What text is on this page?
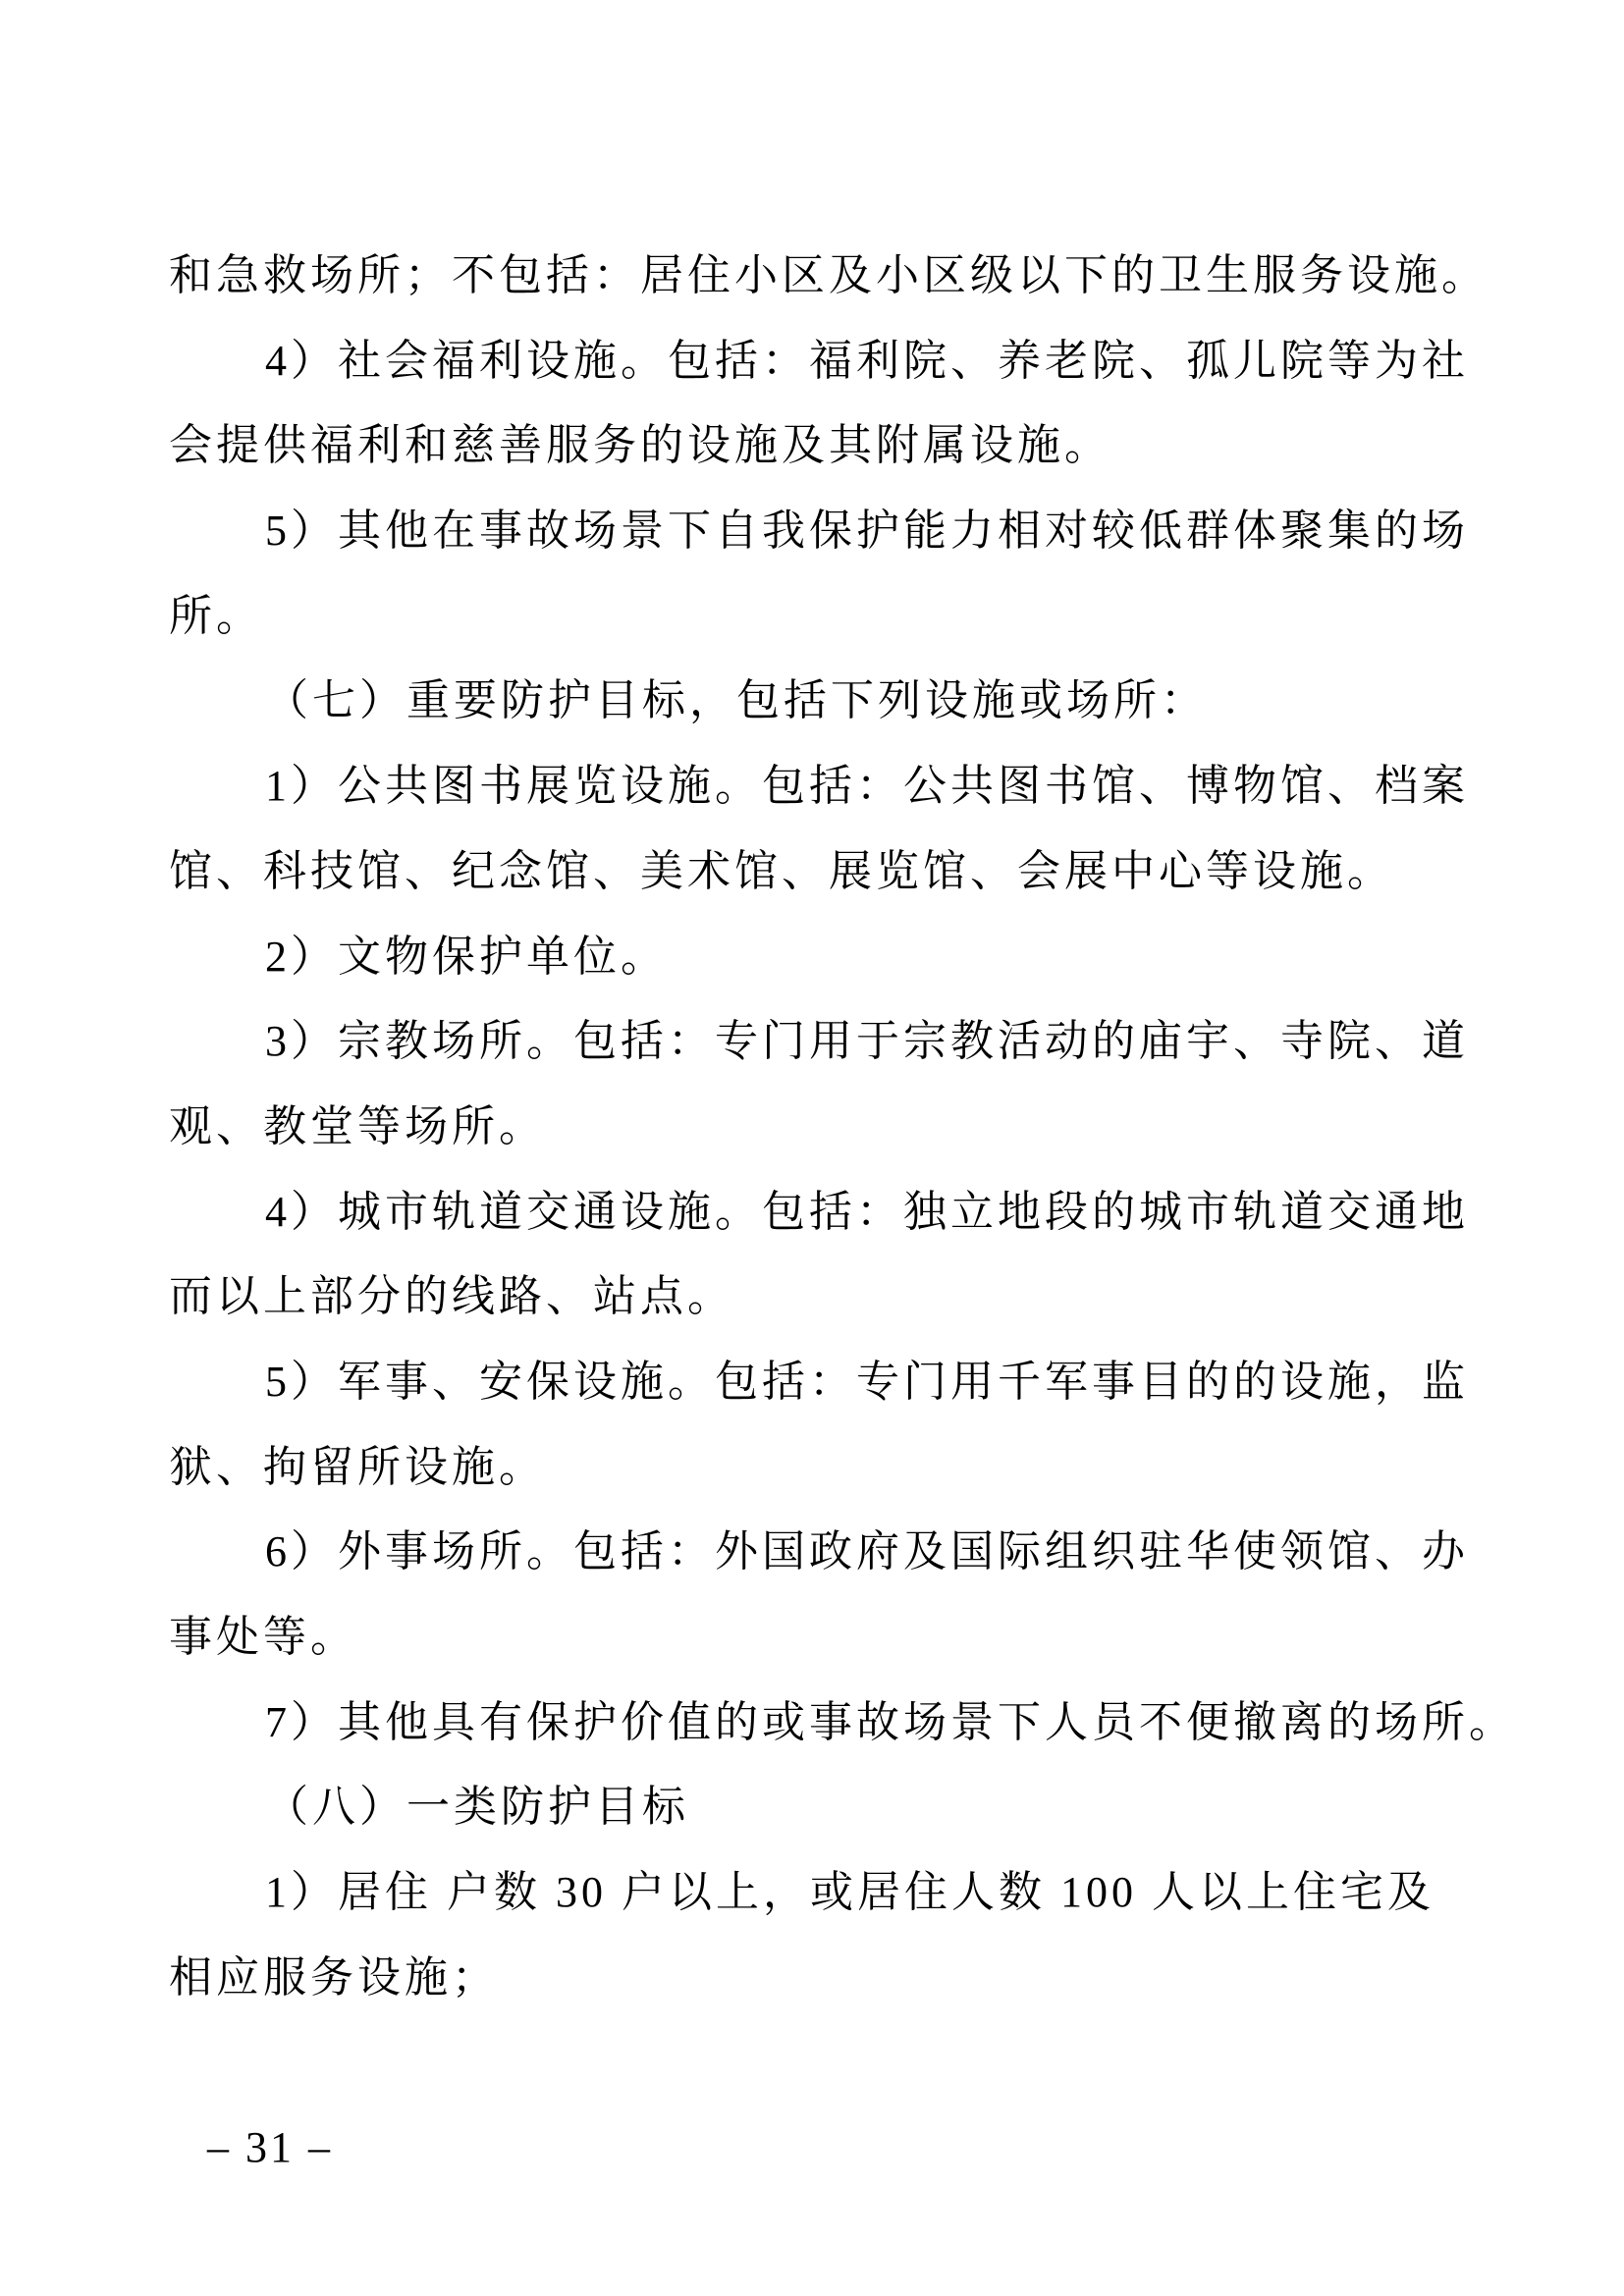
和急救场所；不包括：居住小区及小区级以下的卫生服务设施。
4）社会福利设施。包括：福利院、养老院、孤儿院等为社
会提供福利和慈善服务的设施及其附属设施。
5）其他在事故场景下自我保护能力相对较低群体聚集的场
所。
（七）重要防护目标，包括下列设施或场所：
1）公共图书展览设施。包括：公共图书馆、博物馆、档案
馆、科技馆、纪念馆、美术馆、展览馆、会展中心等设施。
2）文物保护单位。
3）宗教场所。包括：专门用于宗教活动的庙宇、寺院、道
观、教堂等场所。
4）城市轨道交通设施。包括：独立地段的城市轨道交通地
而以上部分的线路、站点。
5）军事、安保设施。包括：专门用千军事目的的设施，监
狱、拘留所设施。
6）外事场所。包括：外国政府及国际组织驻华使领馆、办
事处等。
7）其他具有保护价值的或事故场景下人员不便撤离的场所。
（八）一类防护目标
1）居住 户数 30 户以上，或居住人数 100 人以上住宅及
相应服务设施；
– 31 –
